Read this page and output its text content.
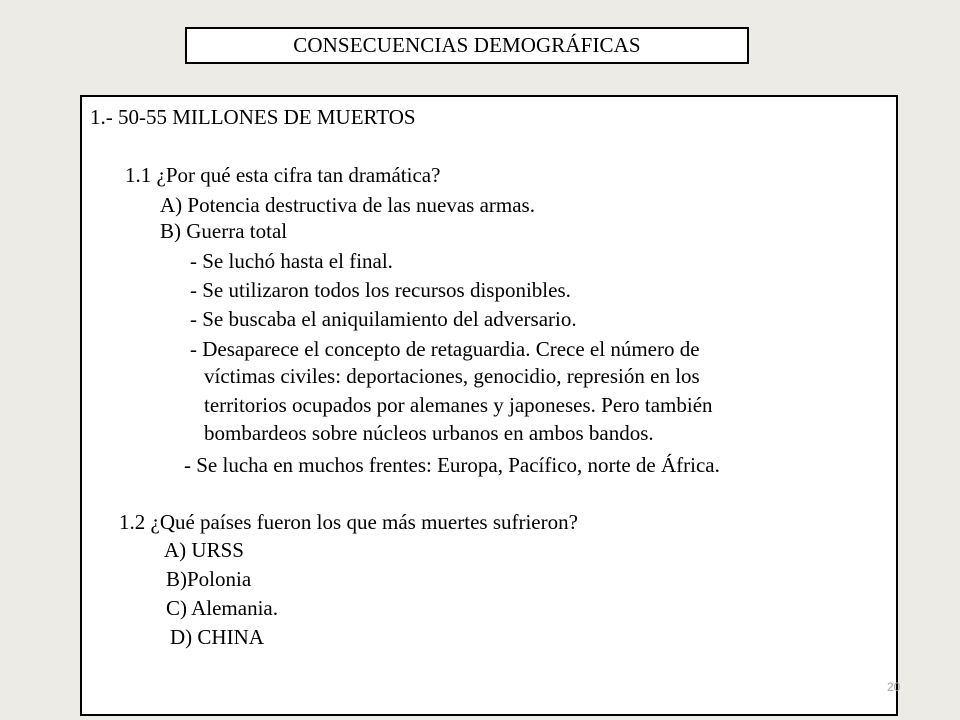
CONSECUENCIAS DEMOGRÁFICAS
1.- 50-55 MILLONES DE MUERTOS
1.1 ¿Por qué esta cifra tan dramática?
A) Potencia destructiva de las nuevas armas.
B) Guerra total
- Se luchó hasta el final.
- Se utilizaron todos los recursos disponibles.
- Se buscaba el aniquilamiento del adversario.
- Desaparece el concepto de retaguardia. Crece el número de
víctimas civiles: deportaciones, genocidio, represión en los
territorios ocupados por alemanes y japoneses. Pero también
bombardeos sobre núcleos urbanos en ambos bandos.
- Se lucha en muchos frentes: Europa, Pacífico, norte de África.
1.2 ¿Qué países fueron los que más muertes sufrieron?
A) URSS
B)Polonia
C) Alemania.
D) CHINA
20
